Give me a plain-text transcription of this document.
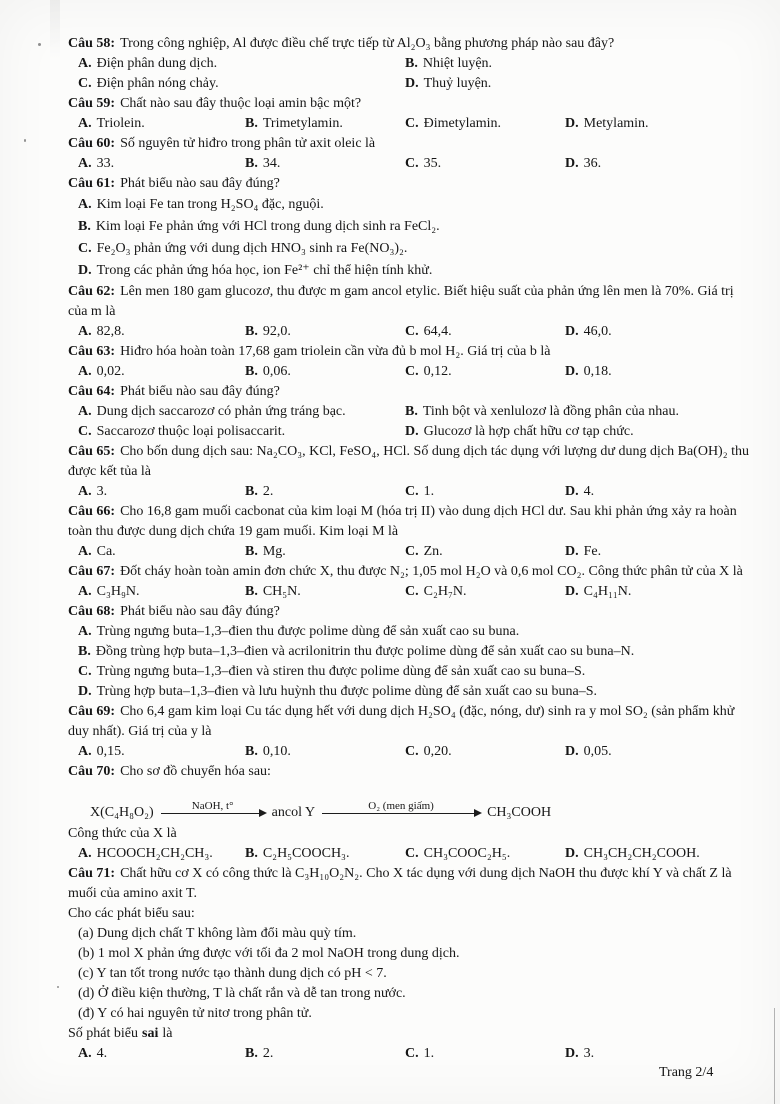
Câu 58: Trong công nghiệp, Al được điều chế trực tiếp từ Al₂O₃ bằng phương pháp nào sau đây?

A. Điện phân dung dịch.	B. Nhiệt luyện.
C. Điện phân nóng chảy.	D. Thuỷ luyện.

Câu 59: Chất nào sau đây thuộc loại amin bậc một?

A. Triolein.	B. Trimetylamin.	C. Đimetylamin.	D. Metylamin.

Câu 60: Số nguyên tử hiđro trong phân tử axit oleic là

A. 33.	B. 34.	C. 35.	D. 36.

Câu 61: Phát biểu nào sau đây đúng?

A. Kim loại Fe tan trong H₂SO₄ đặc, nguội.
B. Kim loại Fe phản ứng với HCl trong dung dịch sinh ra FeCl₂.
C. Fe₂O₃ phản ứng với dung dịch HNO₃ sinh ra Fe(NO₃)₂.
D. Trong các phản ứng hóa học, ion Fe²⁺ chỉ thể hiện tính khử.

Câu 62: Lên men 180 gam glucozơ, thu được m gam ancol etylic. Biết hiệu suất của phản ứng lên men là 70%. Giá trị của m là

A. 82,8.	B. 92,0.	C. 64,4.	D. 46,0.

Câu 63: Hiđro hóa hoàn toàn 17,68 gam triolein cần vừa đủ b mol H₂. Giá trị của b là

A. 0,02.	B. 0,06.	C. 0,12.	D. 0,18.

Câu 64: Phát biểu nào sau đây đúng?

A. Dung dịch saccarozơ có phản ứng tráng bạc.	B. Tinh bột và xenlulozơ là đồng phân của nhau.
C. Saccarozơ thuộc loại polisaccarit.	D. Glucozơ là hợp chất hữu cơ tạp chức.

Câu 65: Cho bốn dung dịch sau: Na₂CO₃, KCl, FeSO₄, HCl. Số dung dịch tác dụng với lượng dư dung dịch Ba(OH)₂ thu được kết tủa là

A. 3.	B. 2.	C. 1.	D. 4.

Câu 66: Cho 16,8 gam muối cacbonat của kim loại M (hóa trị II) vào dung dịch HCl dư. Sau khi phản ứng xảy ra hoàn toàn thu được dung dịch chứa 19 gam muối. Kim loại M là

A. Ca.	B. Mg.	C. Zn.	D. Fe.

Câu 67: Đốt cháy hoàn toàn amin đơn chức X, thu được N₂; 1,05 mol H₂O và 0,6 mol CO₂. Công thức phân tử của X là

A. C₃H₉N.	B. CH₅N.	C. C₂H₇N.	D. C₄H₁₁N.

Câu 68: Phát biểu nào sau đây đúng?

A. Trùng ngưng buta–1,3–đien thu được polime dùng để sản xuất cao su buna.
B. Đồng trùng hợp buta–1,3–đien và acrilonitrin thu được polime dùng để sản xuất cao su buna–N.
C. Trùng ngưng buta–1,3–đien và stiren thu được polime dùng để sản xuất cao su buna–S.
D. Trùng hợp buta–1,3–đien và lưu huỳnh thu được polime dùng để sản xuất cao su buna–S.

Câu 69: Cho 6,4 gam kim loại Cu tác dụng hết với dung dịch H₂SO₄ (đặc, nóng, dư) sinh ra y mol SO₂ (sản phẩm khử duy nhất). Giá trị của y là

A. 0,15.	B. 0,10.	C. 0,20.	D. 0,05.

Câu 70: Cho sơ đồ chuyển hóa sau:

X(C₄H₈O₂)	NaOH, t°	ancol Y	O₂ (men giấm)	CH₃COOH

Công thức của X là

A. HCOOCH₂CH₂CH₃.	B. C₂H₅COOCH₃.	C. CH₃COOC₂H₅.	D. CH₃CH₂CH₂COOH.

Câu 71: Chất hữu cơ X có công thức là C₃H₁₀O₂N₂. Cho X tác dụng với dung dịch NaOH thu được khí Y và chất Z là muối của amino axit T.

Cho các phát biểu sau:

(a) Dung dịch chất T không làm đổi màu quỳ tím.
(b) 1 mol X phản ứng được với tối đa 2 mol NaOH trong dung dịch.
(c) Y tan tốt trong nước tạo thành dung dịch có pH < 7.
(d) Ở điều kiện thường, T là chất rắn và dễ tan trong nước.
(đ) Y có hai nguyên tử nitơ trong phân tử.

Số phát biểu sai là

A. 4.	B. 2.	C. 1.	D. 3.
Trang 2/4
